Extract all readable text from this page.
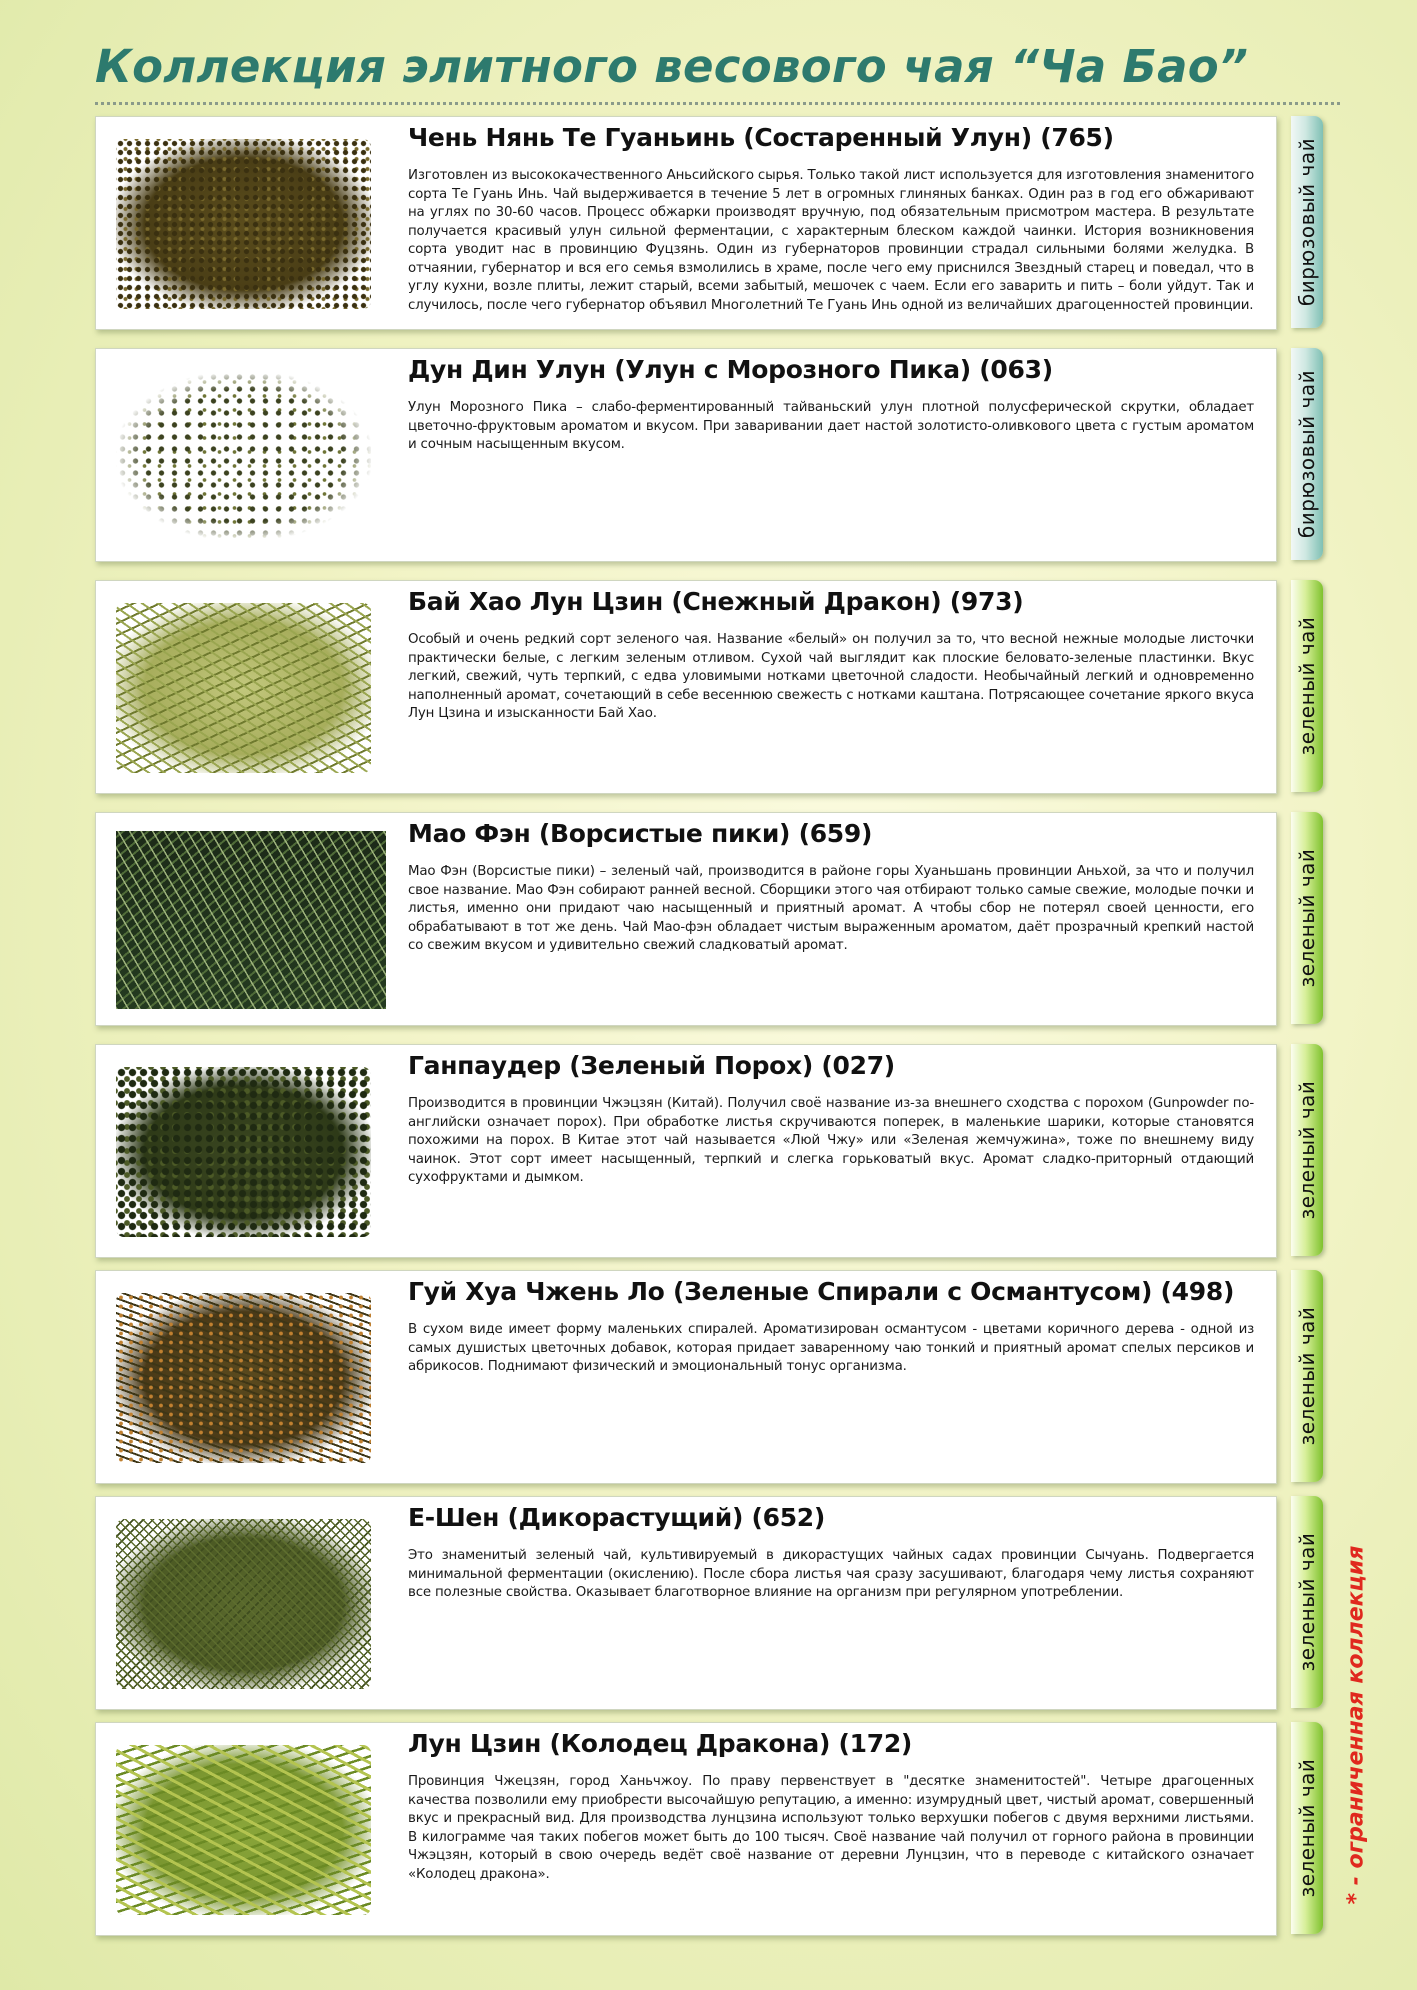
Коллекция элитного весового чая “Ча Бао”
Чень Нянь Те Гуаньинь (Состаренный Улун) (765)

Изготовлен из высококачественного Аньсийского сырья. Только такой лист используется для изготовления знаменитого сорта Те Гуань Инь. Чай выдерживается в течение 5 лет в огромных глиняных банках. Один раз в год его обжаривают на углях по 30-60 часов. Процесс обжарки производят вручную, под обязательным присмотром мастера. В результате получается красивый улун сильной ферментации, с характерным блеском каждой чаинки. История возникновения сорта уводит нас в провинцию Фуцзянь. Один из губернаторов провинции страдал сильными болями желудка. В отчаянии, губернатор и вся его семья взмолились в храме, после чего ему приснился Звездный старец и поведал, что в углу кухни, возле плиты, лежит старый, всеми забытый, мешочек с чаем. Если его заварить и пить – боли уйдут. Так и случилось, после чего губернатор объявил Многолетний Те Гуань Инь одной из величайших драгоценностей провинции. бирюзовый чай
Дун Дин Улун (Улун с Морозного Пика) (063)

Улун Морозного Пика – слабо-ферментированный тайваньский улун плотной полусферической скрутки, обладает цветочно-фруктовым ароматом и вкусом. При заваривании дает настой золотисто-оливкового цвета с густым ароматом и сочным насыщенным вкусом.	бирюзовый чай
Бай Хао Лун Цзин (Снежный Дракон) (973)

Особый и очень редкий сорт зеленого чая. Название «белый» он получил за то, что весной нежные молодые листочки практически белые, с легким зеленым отливом. Сухой чай выглядит как плоские беловато-зеленые пластинки. Вкус легкий, свежий, чуть терпкий, с едва уловимыми нотками цветочной сладости. Необычайный легкий и одновременно наполненный аромат, сочетающий в себе весеннюю свежесть с нотками каштана. Потрясающее сочетание яркого вкуса Лун Цзина и изысканности Бай Хао.	зеленый чай
Мао Фэн (Ворсистые пики) (659)

Мао Фэн (Ворсистые пики) – зеленый чай, производится в районе горы Хуаньшань провинции Аньхой, за что и получил свое название. Мао Фэн собирают ранней весной. Сборщики этого чая отбирают только самые свежие, молодые почки и листья, именно они придают чаю насыщенный и приятный аромат. А чтобы сбор не потерял своей ценности, его обрабатывают в тот же день. Чай Мао-фэн обладает чистым выраженным ароматом, даёт прозрачный крепкий настой со свежим вкусом и удивительно свежий сладковатый аромат.	зеленый чай
Ганпаудер (Зеленый Порох) (027)

Производится в провинции Чжэцзян (Китай). Получил своё название из-за внешнего сходства с порохом (Gunpowder по-английски означает порох). При обработке листья скручиваются поперек, в маленькие шарики, которые становятся похожими на порох. В Китае этот чай называется «Люй Чжу» или «Зеленая жемчужина», тоже по внешнему виду чаинок. Этот сорт имеет насыщенный, терпкий и слегка горьковатый вкус. Аромат сладко-приторный отдающий сухофруктами и дымком.	зеленый чай
Гуй Хуа Чжень Ло (Зеленые Спирали с Османтусом) (498)

В сухом виде имеет форму маленьких спиралей. Ароматизирован османтусом - цветами коричного дерева - одной из самых душистых цветочных добавок, которая придает заваренному чаю тонкий и приятный аромат спелых персиков и абрикосов. Поднимают физический и эмоциональный тонус организма.	зеленый чай
Е-Шен (Дикорастущий) (652)

Это знаменитый зеленый чай, культивируемый в дикорастущих чайных садах провинции Сычуань. Подвергается минимальной ферментации (окислению). После сбора листья чая сразу засушивают, благодаря чему листья сохраняют все полезные свойства. Оказывает благотворное влияние на организм при регулярном употреблении.	зеленый чай
Лун Цзин (Колодец Дракона) (172)

Провинция Чжецзян, город Ханьчжоу. По праву первенствует в "десятке знаменитостей". Четыре драгоценных качества позволили ему приобрести высочайшую репутацию, а именно: изумрудный цвет, чистый аромат, совершенный вкус и прекрасный вид. Для производства лунцзина используют только верхушки побегов с двумя верхними листьями. В килограмме чая таких побегов может быть до 100 тысяч. Своё название чай получил от горного района в провинции Чжэцзян, который в свою очередь ведёт своё название от деревни Лунцзин, что в переводе с китайского означает «Колодец дракона».	зеленый чай * - ограниченная коллекция
